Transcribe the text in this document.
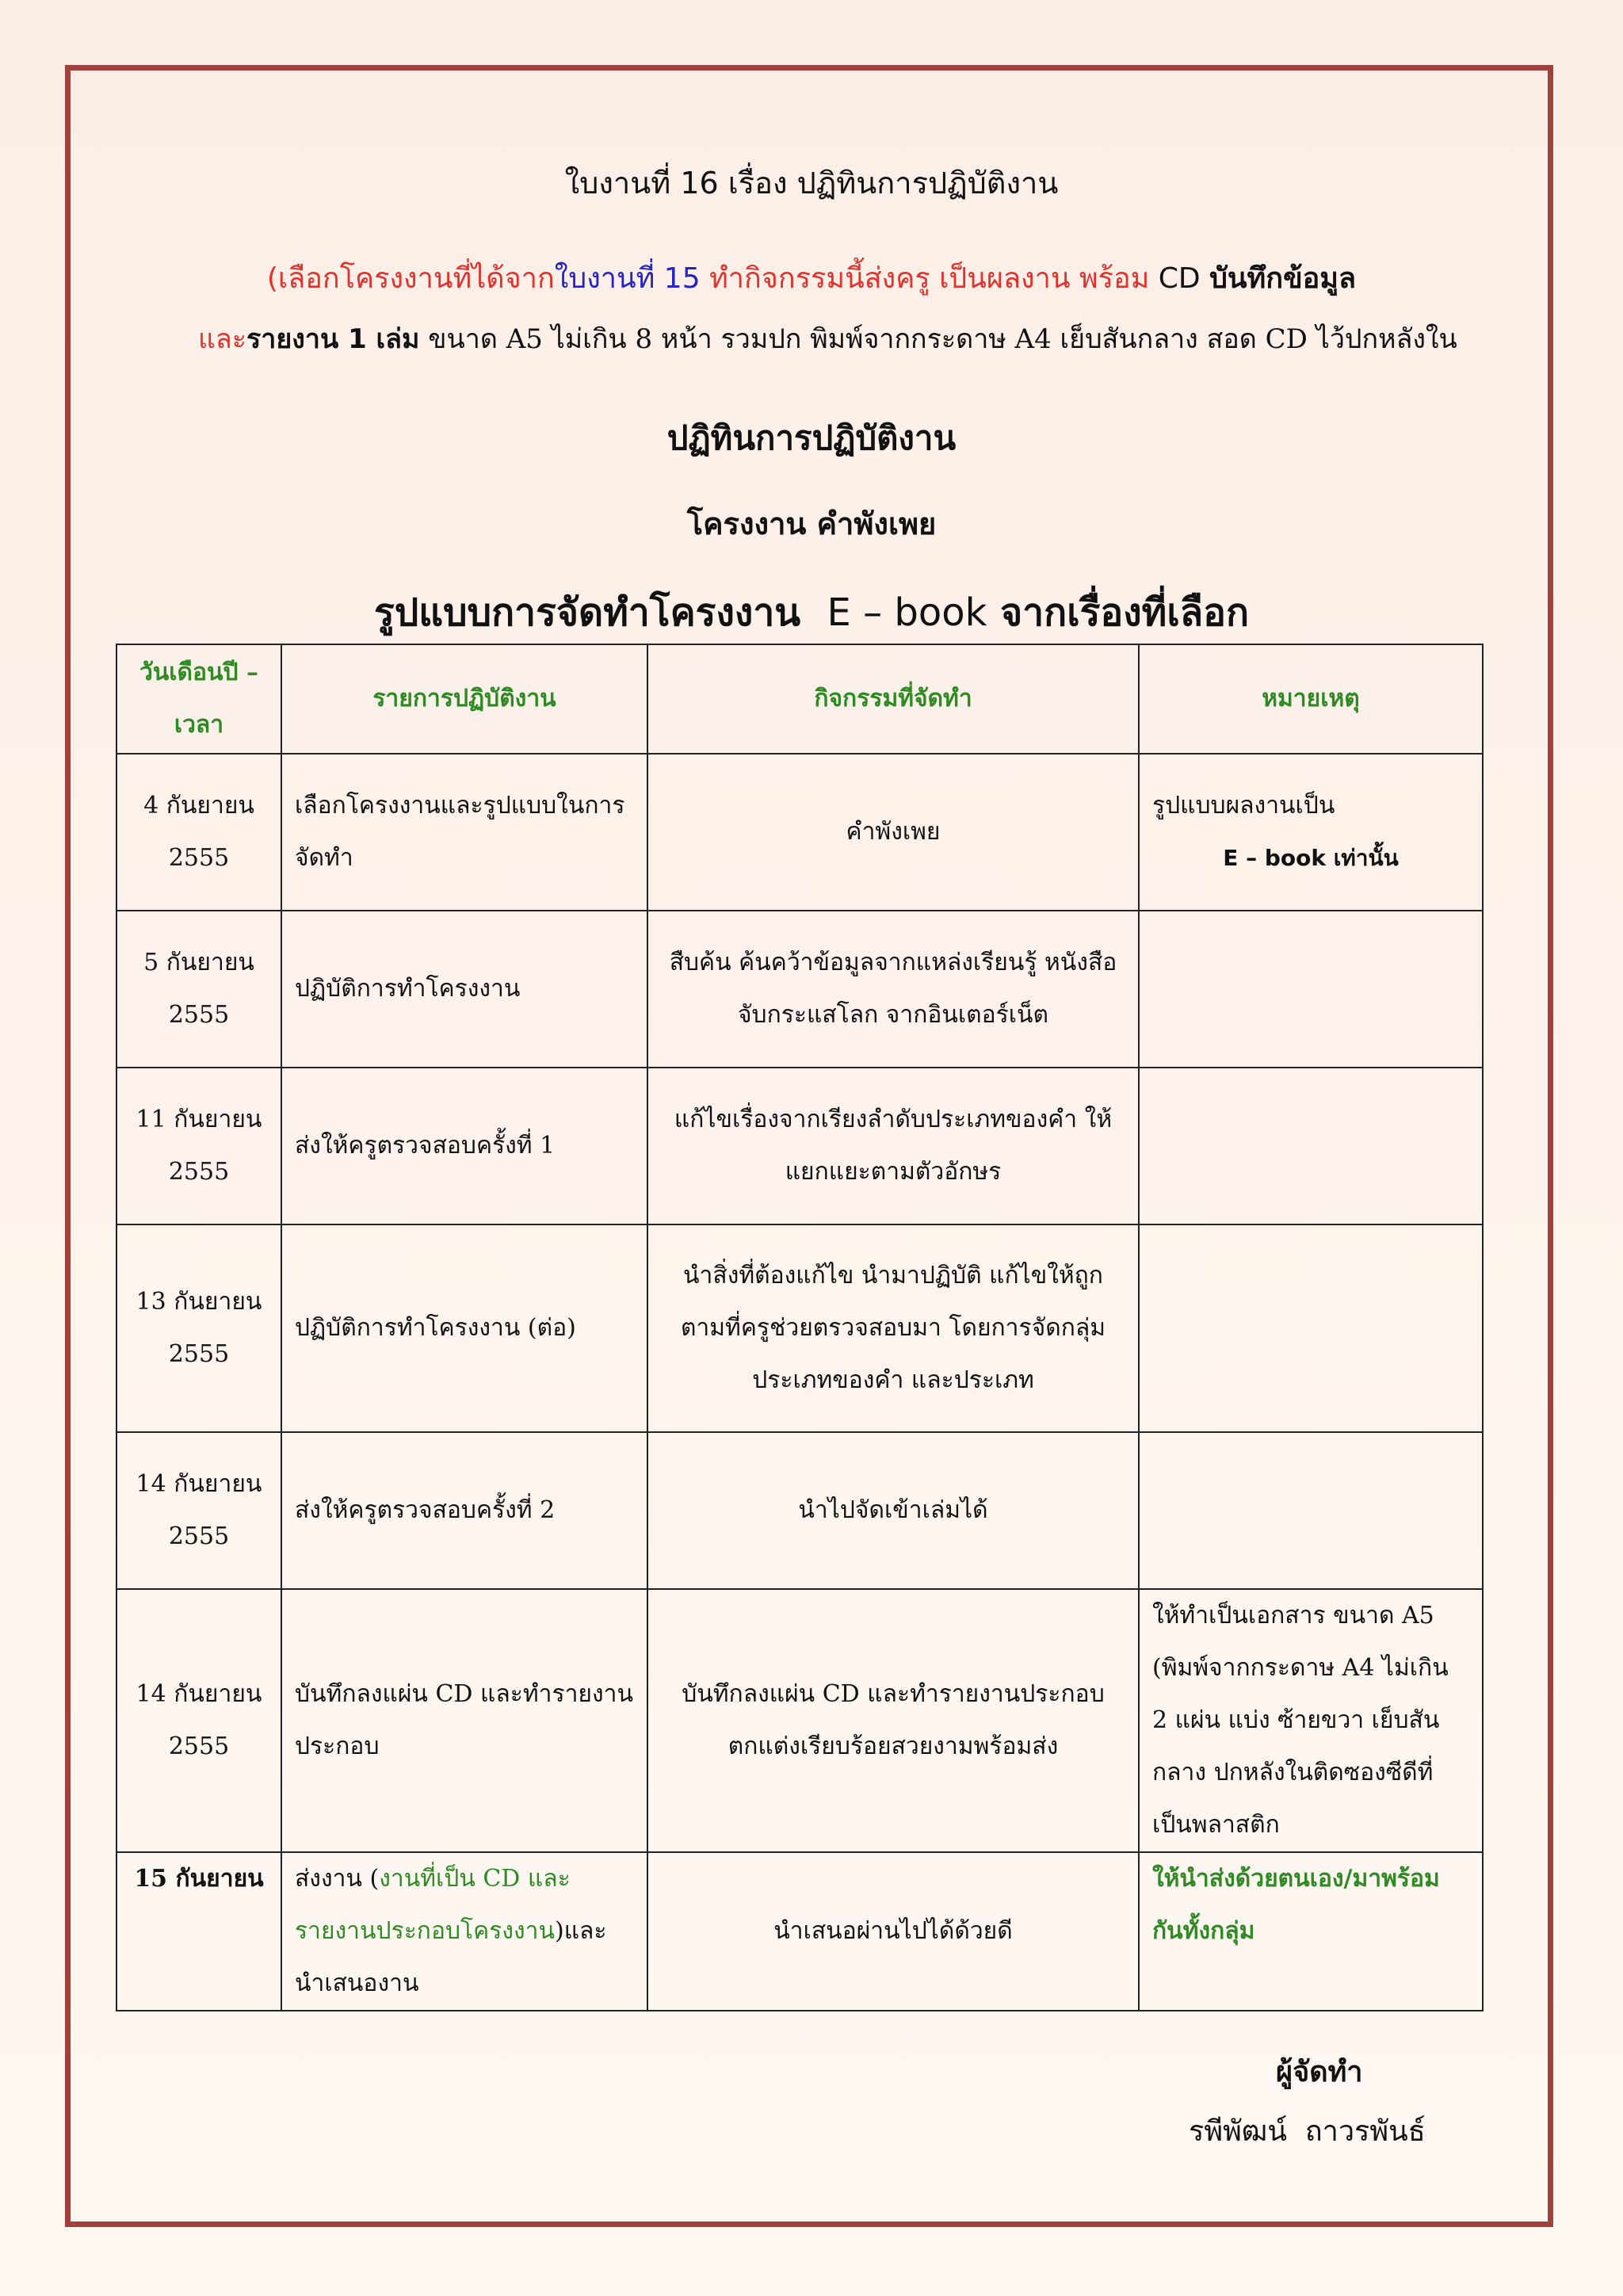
ใบงานที่ 16 เรื่อง ปฏิทินการปฏิบัติงาน
(เลือกโครงงานที่ได้จากใบงานที่ 15 ทำกิจกรรมนี้ส่งครู เป็นผลงาน พร้อม CD บันทึกข้อมูล
และรายงาน 1 เล่ม ขนาด A5 ไม่เกิน 8 หน้า รวมปก พิมพ์จากกระดาษ A4 เย็บสันกลาง สอด CD ไว้ปกหลังใน
ปฏิทินการปฏิบัติงาน
โครงงาน คำพังเพย
รูปแบบการจัดทำโครงงาน E – book จากเรื่องที่เลือก
วันเดือนปี – เวลา	รายการปฏิบัติงาน	กิจกรรมที่จัดทำ	หมายเหตุ
4 กันยายน 2555	เลือกโครงงานและรูปแบบในการจัดทำ	คำพังเพย	รูปแบบผลงานเป็น
E – book เท่านั้น

5 กันยายน 2555	ปฏิบัติการทำโครงงาน	สืบค้น ค้นคว้าข้อมูลจากแหล่งเรียนรู้ หนังสือ จับกระแสโลก จากอินเตอร์เน็ต	
11 กันยายน 2555	ส่งให้ครูตรวจสอบครั้งที่ 1	แก้ไขเรื่องจากเรียงลำดับประเภทของคำ ให้แยกแยะตามตัวอักษร	
13 กันยายน 2555	ปฏิบัติการทำโครงงาน (ต่อ)	นำสิ่งที่ต้องแก้ไข นำมาปฏิบัติ แก้ไขให้ถูกตามที่ครูช่วยตรวจสอบมา โดยการจัดกลุ่มประเภทของคำ และประเภท	
14 กันยายน 2555	ส่งให้ครูตรวจสอบครั้งที่ 2	นำไปจัดเข้าเล่มได้	
14 กันยายน 2555	บันทึกลงแผ่น CD และทำรายงานประกอบ	บันทึกลงแผ่น CD และทำรายงานประกอบ ตกแต่งเรียบร้อยสวยงามพร้อมส่ง	ให้ทำเป็นเอกสาร ขนาด A5 (พิมพ์จากกระดาษ A4 ไม่เกิน 2 แผ่น แบ่ง ซ้ายขวา เย็บสันกลาง ปกหลังในติดซองซีดีที่เป็นพลาสติก
15 กันยายน	ส่งงาน (งานที่เป็น CD และรายงานประกอบโครงงาน)และนำเสนองาน	นำเสนอผ่านไปได้ด้วยดี	ให้นำส่งด้วยตนเอง/มาพร้อมกันทั้งกลุ่ม
ผู้จัดทำ
รพีพัฒน์  ถาวรพันธ์
